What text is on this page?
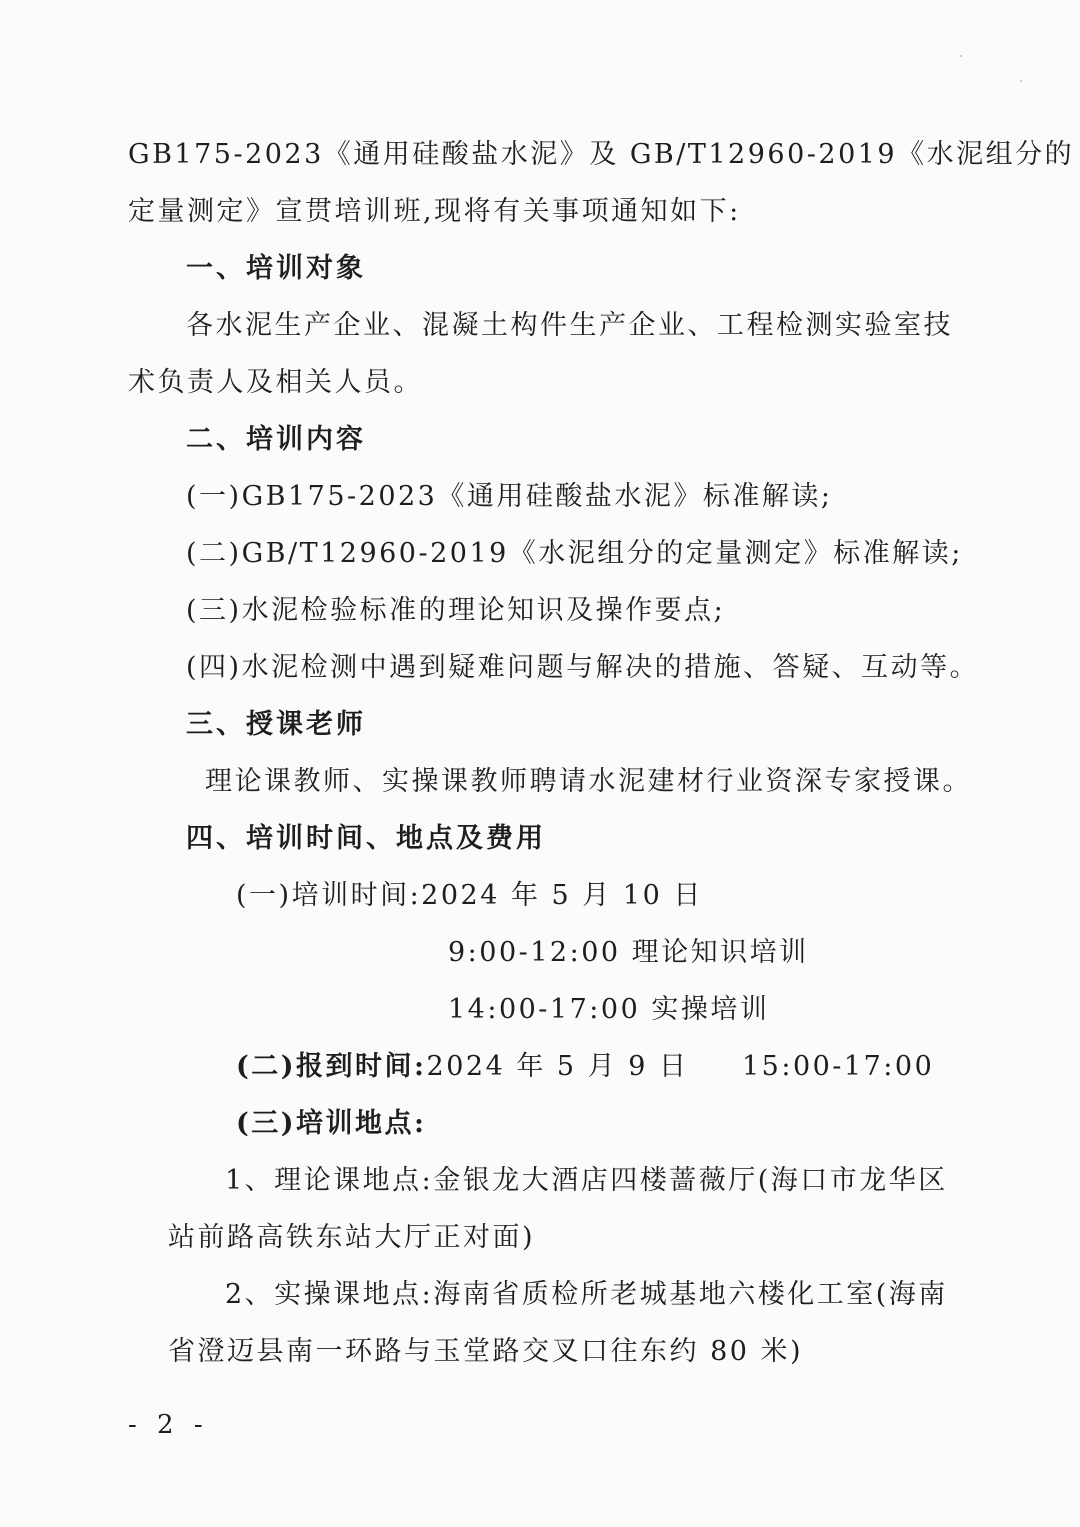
GB175-2023《通用硅酸盐水泥》及 GB/T12960-2019《水泥组分的
定量测定》宣贯培训班,现将有关事项通知如下:
一、培训对象
各水泥生产企业、混凝土构件生产企业、工程检测实验室技
术负责人及相关人员。
二、培训内容
(一)GB175-2023《通用硅酸盐水泥》标准解读;
(二)GB/T12960-2019《水泥组分的定量测定》标准解读;
(三)水泥检验标准的理论知识及操作要点;
(四)水泥检测中遇到疑难问题与解决的措施、答疑、互动等。
三、授课老师
理论课教师、实操课教师聘请水泥建材行业资深专家授课。
四、培训时间、地点及费用
(一)培训时间:2024 年 5 月 10 日
9:00-12:00 理论知识培训
14:00-17:00 实操培训
(二)报到时间:2024 年 5 月 9 日 15:00-17:00
(三)培训地点:
1、理论课地点:金银龙大酒店四楼蔷薇厅(海口市龙华区
站前路高铁东站大厅正对面)
2、实操课地点:海南省质检所老城基地六楼化工室(海南
省澄迈县南一环路与玉堂路交叉口往东约 80 米)
- 2 -
